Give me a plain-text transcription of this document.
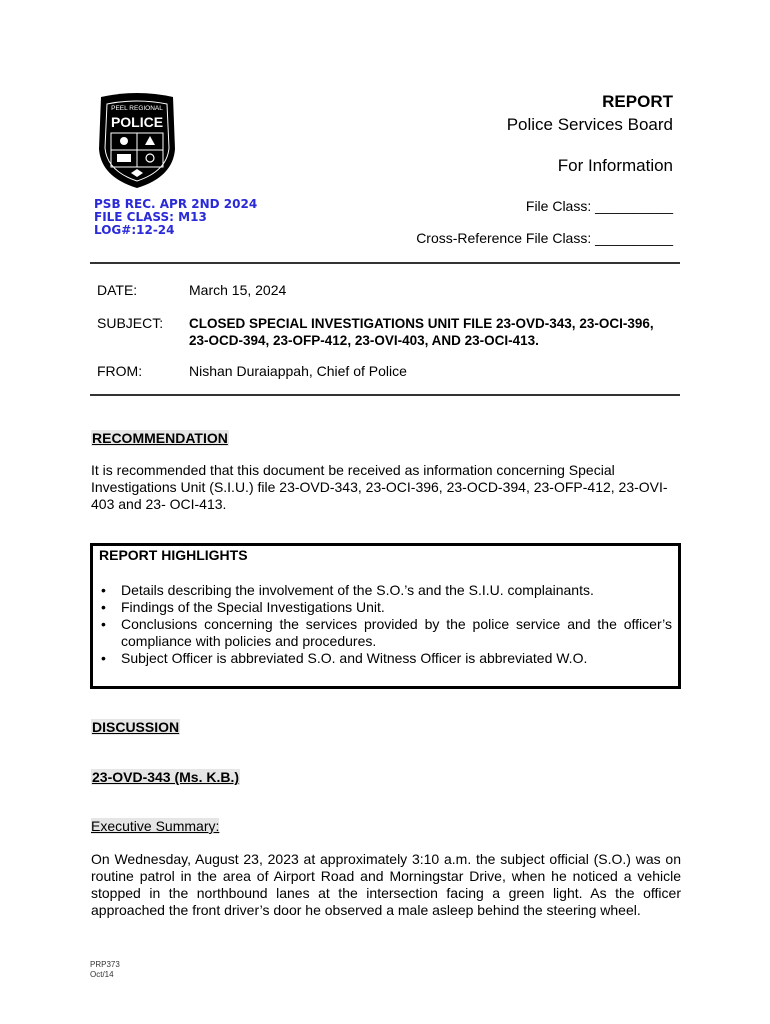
PEEL REGIONAL
POLICE
REPORT
Police Services Board
For Information
File Class: __________
Cross-Reference File Class: __________
PSB REC. APR 2ND 2024
FILE CLASS: M13
LOG#:12-24
DATE:	March 15, 2024
SUBJECT: CLOSED SPECIAL INVESTIGATIONS UNIT FILE 23-OVD-343, 23-OCI-396,
23-OCD-394, 23-OFP-412, 23-OVI-403, AND 23-OCI-413.
FROM:	Nishan Duraiappah, Chief of Police
RECOMMENDATION
It is recommended that this document be received as information concerning Special
Investigations Unit (S.I.U.) file 23-OVD-343, 23-OCI-396, 23-OCD-394, 23-OFP-412, 23-OVI-
403 and 23- OCI-413.
REPORT HIGHLIGHTS
• Details describing the involvement of the S.O.’s and the S.I.U. complainants.
• Findings of the Special Investigations Unit.
• Conclusions concerning the services provided by the police service and the officer’s compliance with policies and procedures.
• Subject Officer is abbreviated S.O. and Witness Officer is abbreviated W.O.
DISCUSSION
23-OVD-343 (Ms. K.B.)
Executive Summary:
On Wednesday, August 23, 2023 at approximately 3:10 a.m. the subject official (S.O.) was on routine patrol in the area of Airport Road and Morningstar Drive, when he noticed a vehicle stopped in the northbound lanes at the intersection facing a green light. As the officer approached the front driver’s door he observed a male asleep behind the steering wheel.
PRP373
Oct/14
